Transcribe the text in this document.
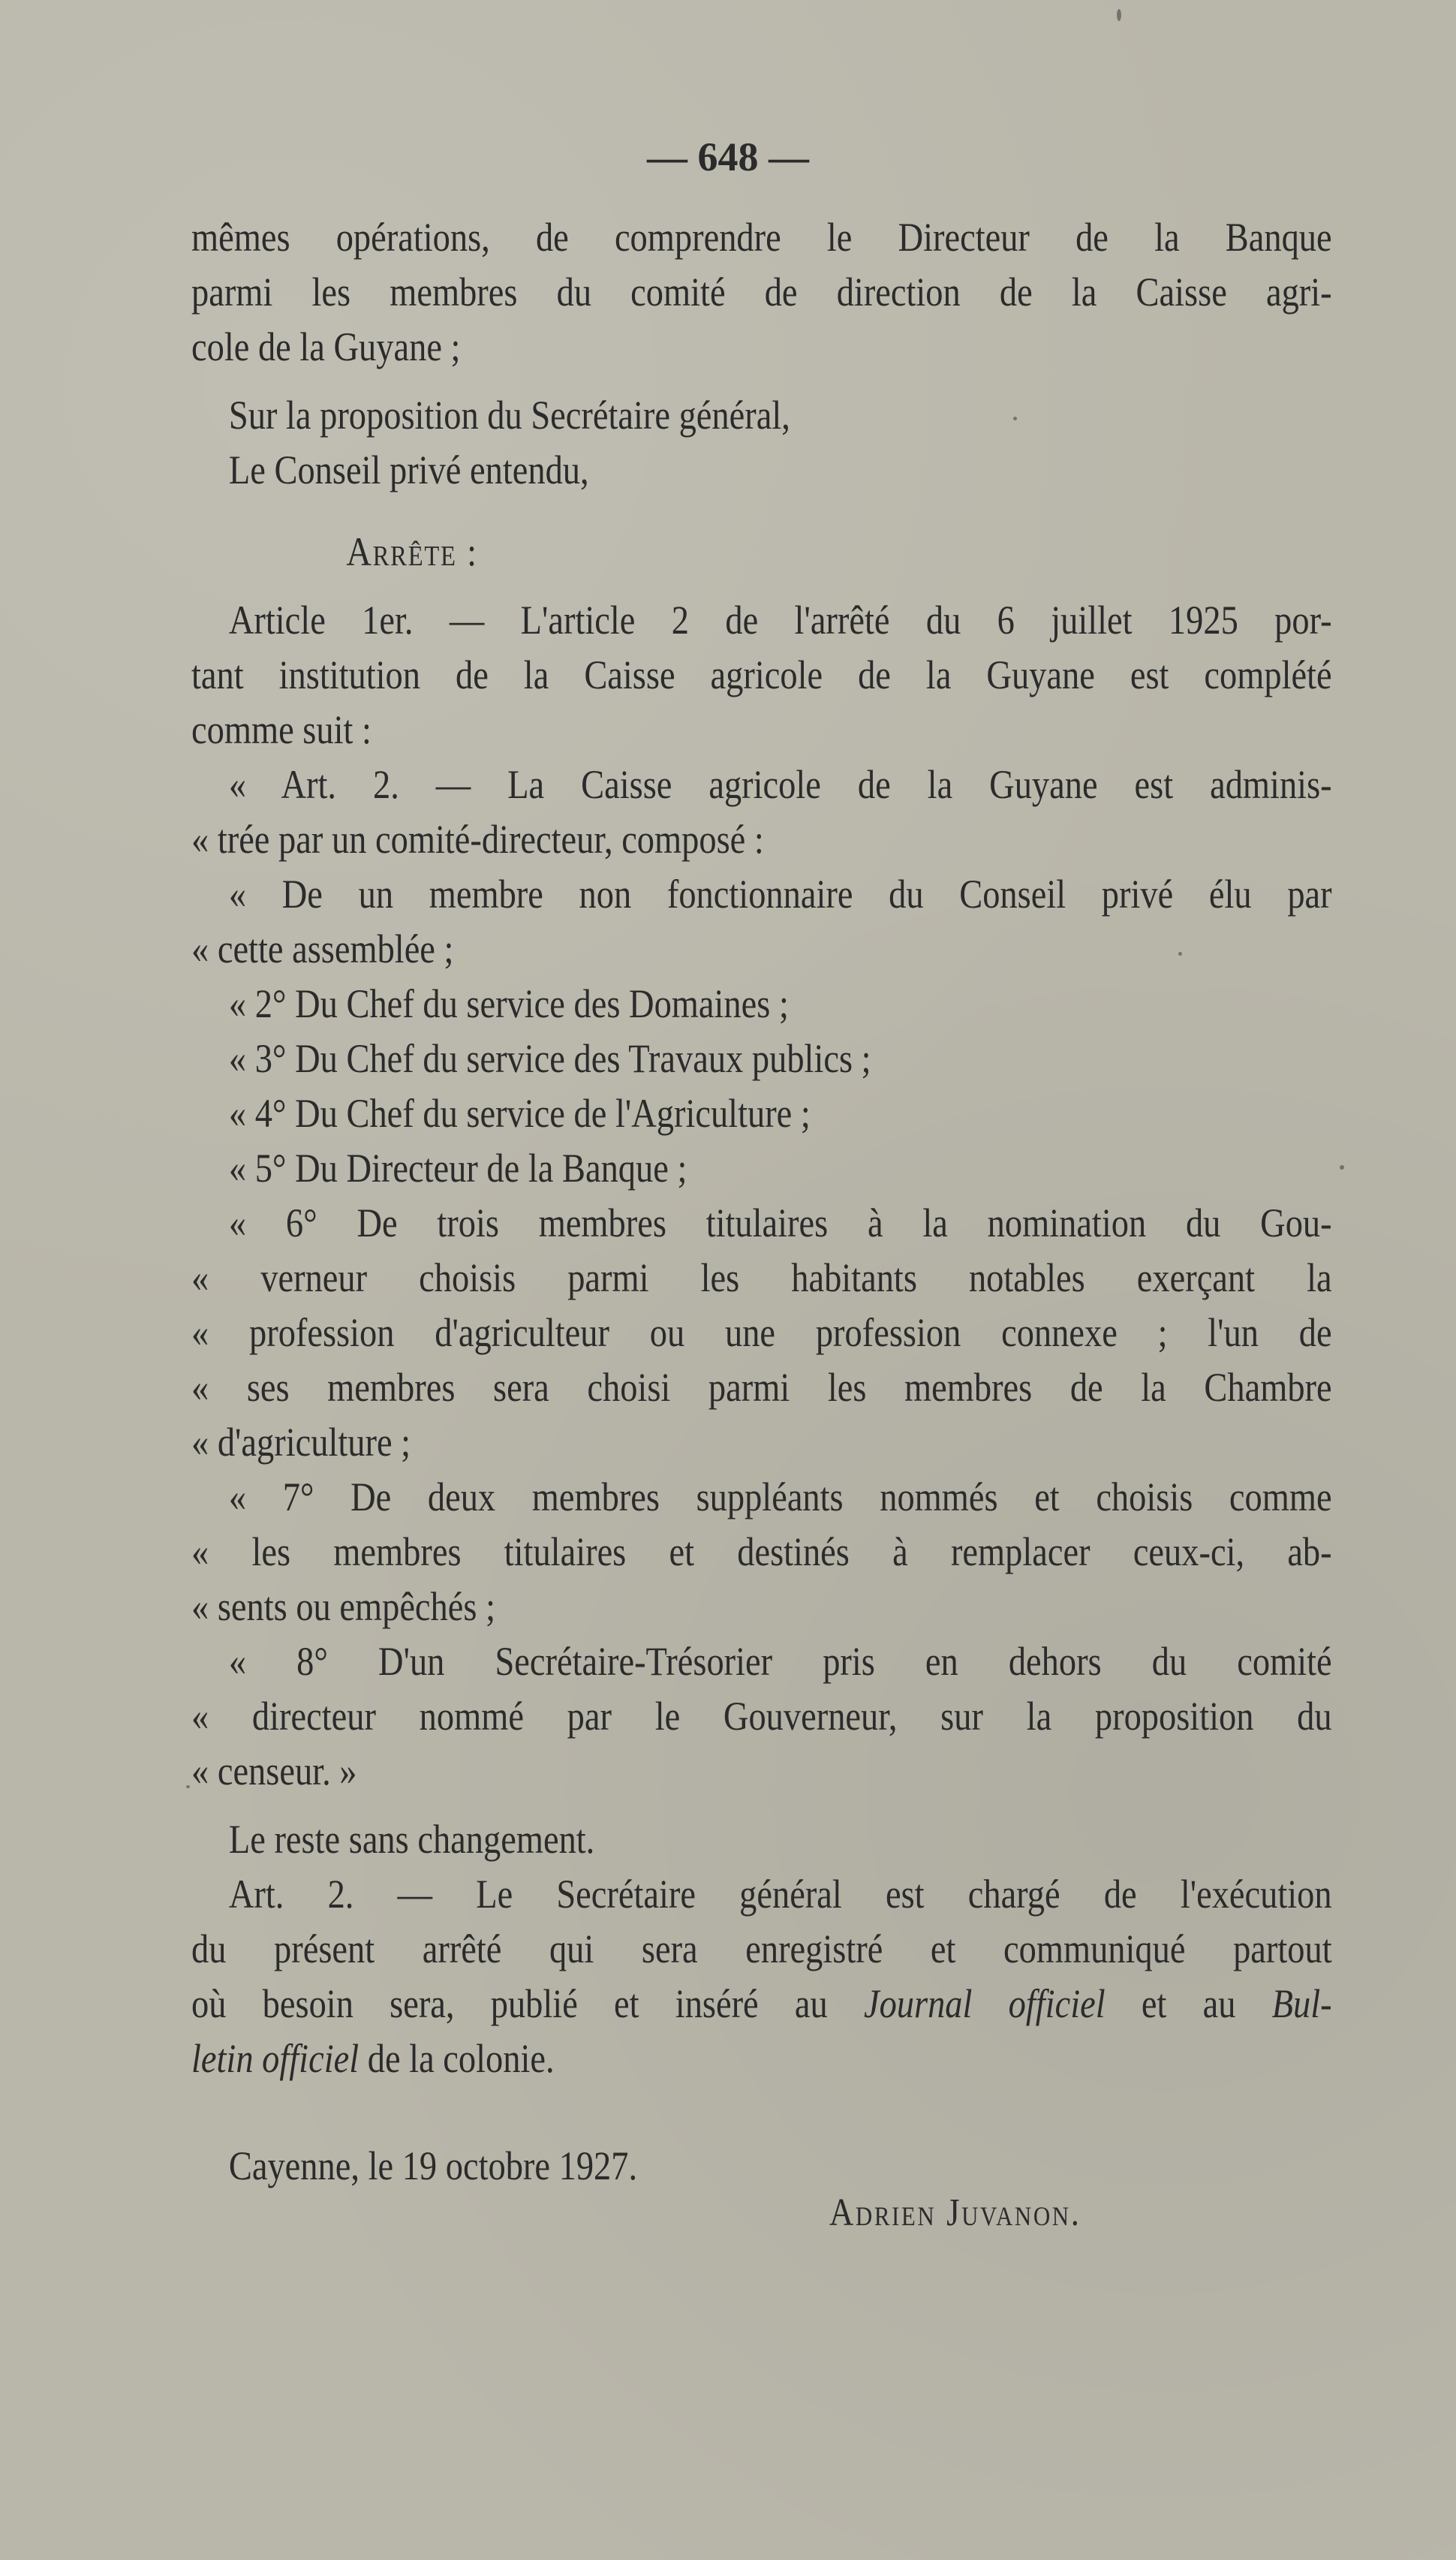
— 648 —
mêmes opérations, de comprendre le Directeur de la Banque
parmi les membres du comité de direction de la Caisse agri-
cole de la Guyane ;
Sur la proposition du Secrétaire général,
Le Conseil privé entendu,
Arrête :
Article 1er. — L'article 2 de l'arrêté du 6 juillet 1925 por-
tant institution de la Caisse agricole de la Guyane est complété
comme suit :
« Art. 2. — La Caisse agricole de la Guyane est adminis-
« trée par un comité-directeur, composé :
« De un membre non fonctionnaire du Conseil privé élu par
« cette assemblée ;
« 2° Du Chef du service des Domaines ;
« 3° Du Chef du service des Travaux publics ;
« 4° Du Chef du service de l'Agriculture ;
« 5° Du Directeur de la Banque ;
« 6° De trois membres titulaires à la nomination du Gou-
« verneur choisis parmi les habitants notables exerçant la
« profession d'agriculteur ou une profession connexe ; l'un de
« ses membres sera choisi parmi les membres de la Chambre
« d'agriculture ;
« 7° De deux membres suppléants nommés et choisis comme
« les membres titulaires et destinés à remplacer ceux-ci, ab-
« sents ou empêchés ;
« 8° D'un Secrétaire-Trésorier pris en dehors du comité
« directeur nommé par le Gouverneur, sur la proposition du
« censeur. »
Le reste sans changement.
Art. 2. — Le Secrétaire général est chargé de l'exécution
du présent arrêté qui sera enregistré et communiqué partout
où besoin sera, publié et inséré au Journal officiel et au Bul-
letin officiel de la colonie.
Cayenne, le 19 octobre 1927.
Adrien Juvanon.
